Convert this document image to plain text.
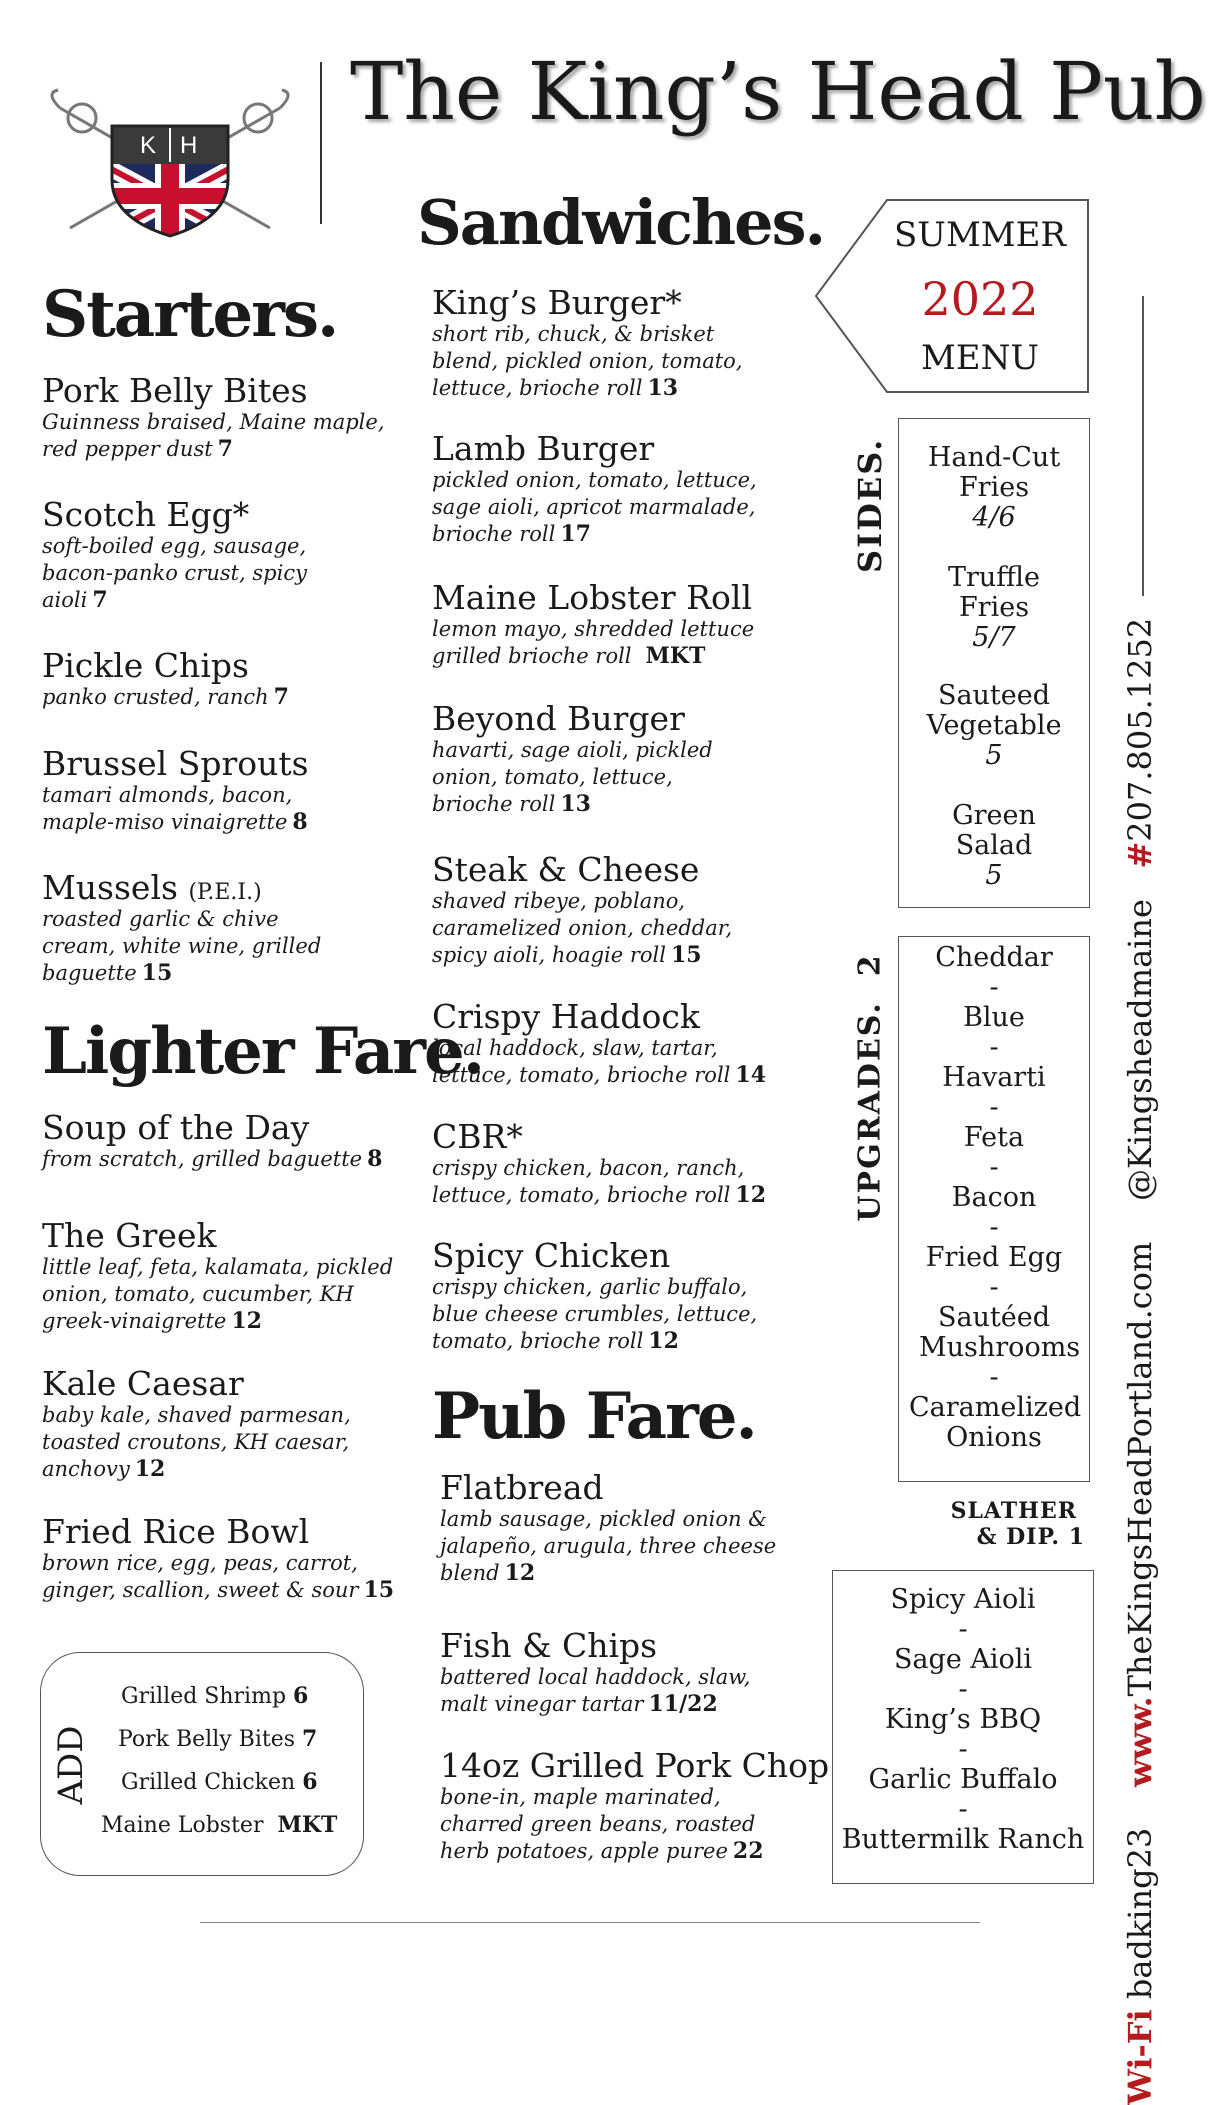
K H
The King’s Head Pub
Starters.
Pork Belly Bites
Guinness braised, Maine maple, red pepper dust 7
Scotch Egg*
soft-boiled egg, sausage, bacon-panko crust, spicy aioli 7
Pickle Chips
panko crusted, ranch 7
Brussel Sprouts
tamari almonds, bacon, maple-miso vinaigrette 8
Mussels (P.E.I.)
roasted garlic & chive cream, white wine, grilled baguette 15
Lighter Fare.
Soup of the Day
from scratch, grilled baguette 8
The Greek
little leaf, feta, kalamata, pickled onion, tomato, cucumber, KH greek-vinaigrette 12
Kale Caesar
baby kale, shaved parmesan, toasted croutons, KH caesar, anchovy 12
Fried Rice Bowl
brown rice, egg, peas, carrot, ginger, scallion, sweet & sour 15
ADD
Grilled Shrimp 6
Pork Belly Bites 7
Grilled Chicken 6
Maine Lobster MKT
Sandwiches.
King’s Burger*
short rib, chuck, & brisket blend, pickled onion, tomato, lettuce, brioche roll 13
Lamb Burger
pickled onion, tomato, lettuce, sage aioli, apricot marmalade, brioche roll 17
Maine Lobster Roll
lemon mayo, shredded lettuce grilled brioche roll MKT
Beyond Burger
havarti, sage aioli, pickled onion, tomato, lettuce, brioche roll 13
Steak & Cheese
shaved ribeye, poblano, caramelized onion, cheddar, spicy aioli, hoagie roll 15
Crispy Haddock
local haddock, slaw, tartar, lettuce, tomato, brioche roll 14
CBR*
crispy chicken, bacon, ranch, lettuce, tomato, brioche roll 12
Spicy Chicken
crispy chicken, garlic buffalo, blue cheese crumbles, lettuce, tomato, brioche roll 12
Pub Fare.
Flatbread
lamb sausage, pickled onion & jalapeño, arugula, three cheese blend 12
Fish & Chips
battered local haddock, slaw, malt vinegar tartar 11/22
14oz Grilled Pork Chop
bone-in, maple marinated, charred green beans, roasted herb potatoes, apple puree 22
SUMMER
2022
MENU
SIDES.	Hand-Cut Fries
4/6
Truffle Fries
5/7
Sauteed Vegetable
5
Green Salad
5
UPGRADES.  2	Cheddar
-
Blue
-
Havarti
-
Feta
-
Bacon
-
Fried Egg
-
Sautéed Mushrooms
-
Caramelized Onions
SLATHER
& DIP. 1
Spicy Aioli
-
Sage Aioli
-
King’s BBQ
-
Garlic Buffalo
-
Buttermilk Ranch
Wi-Fi badking23    www.TheKingsHeadPortland.com    @Kingsheadmaine   #207.805.1252
